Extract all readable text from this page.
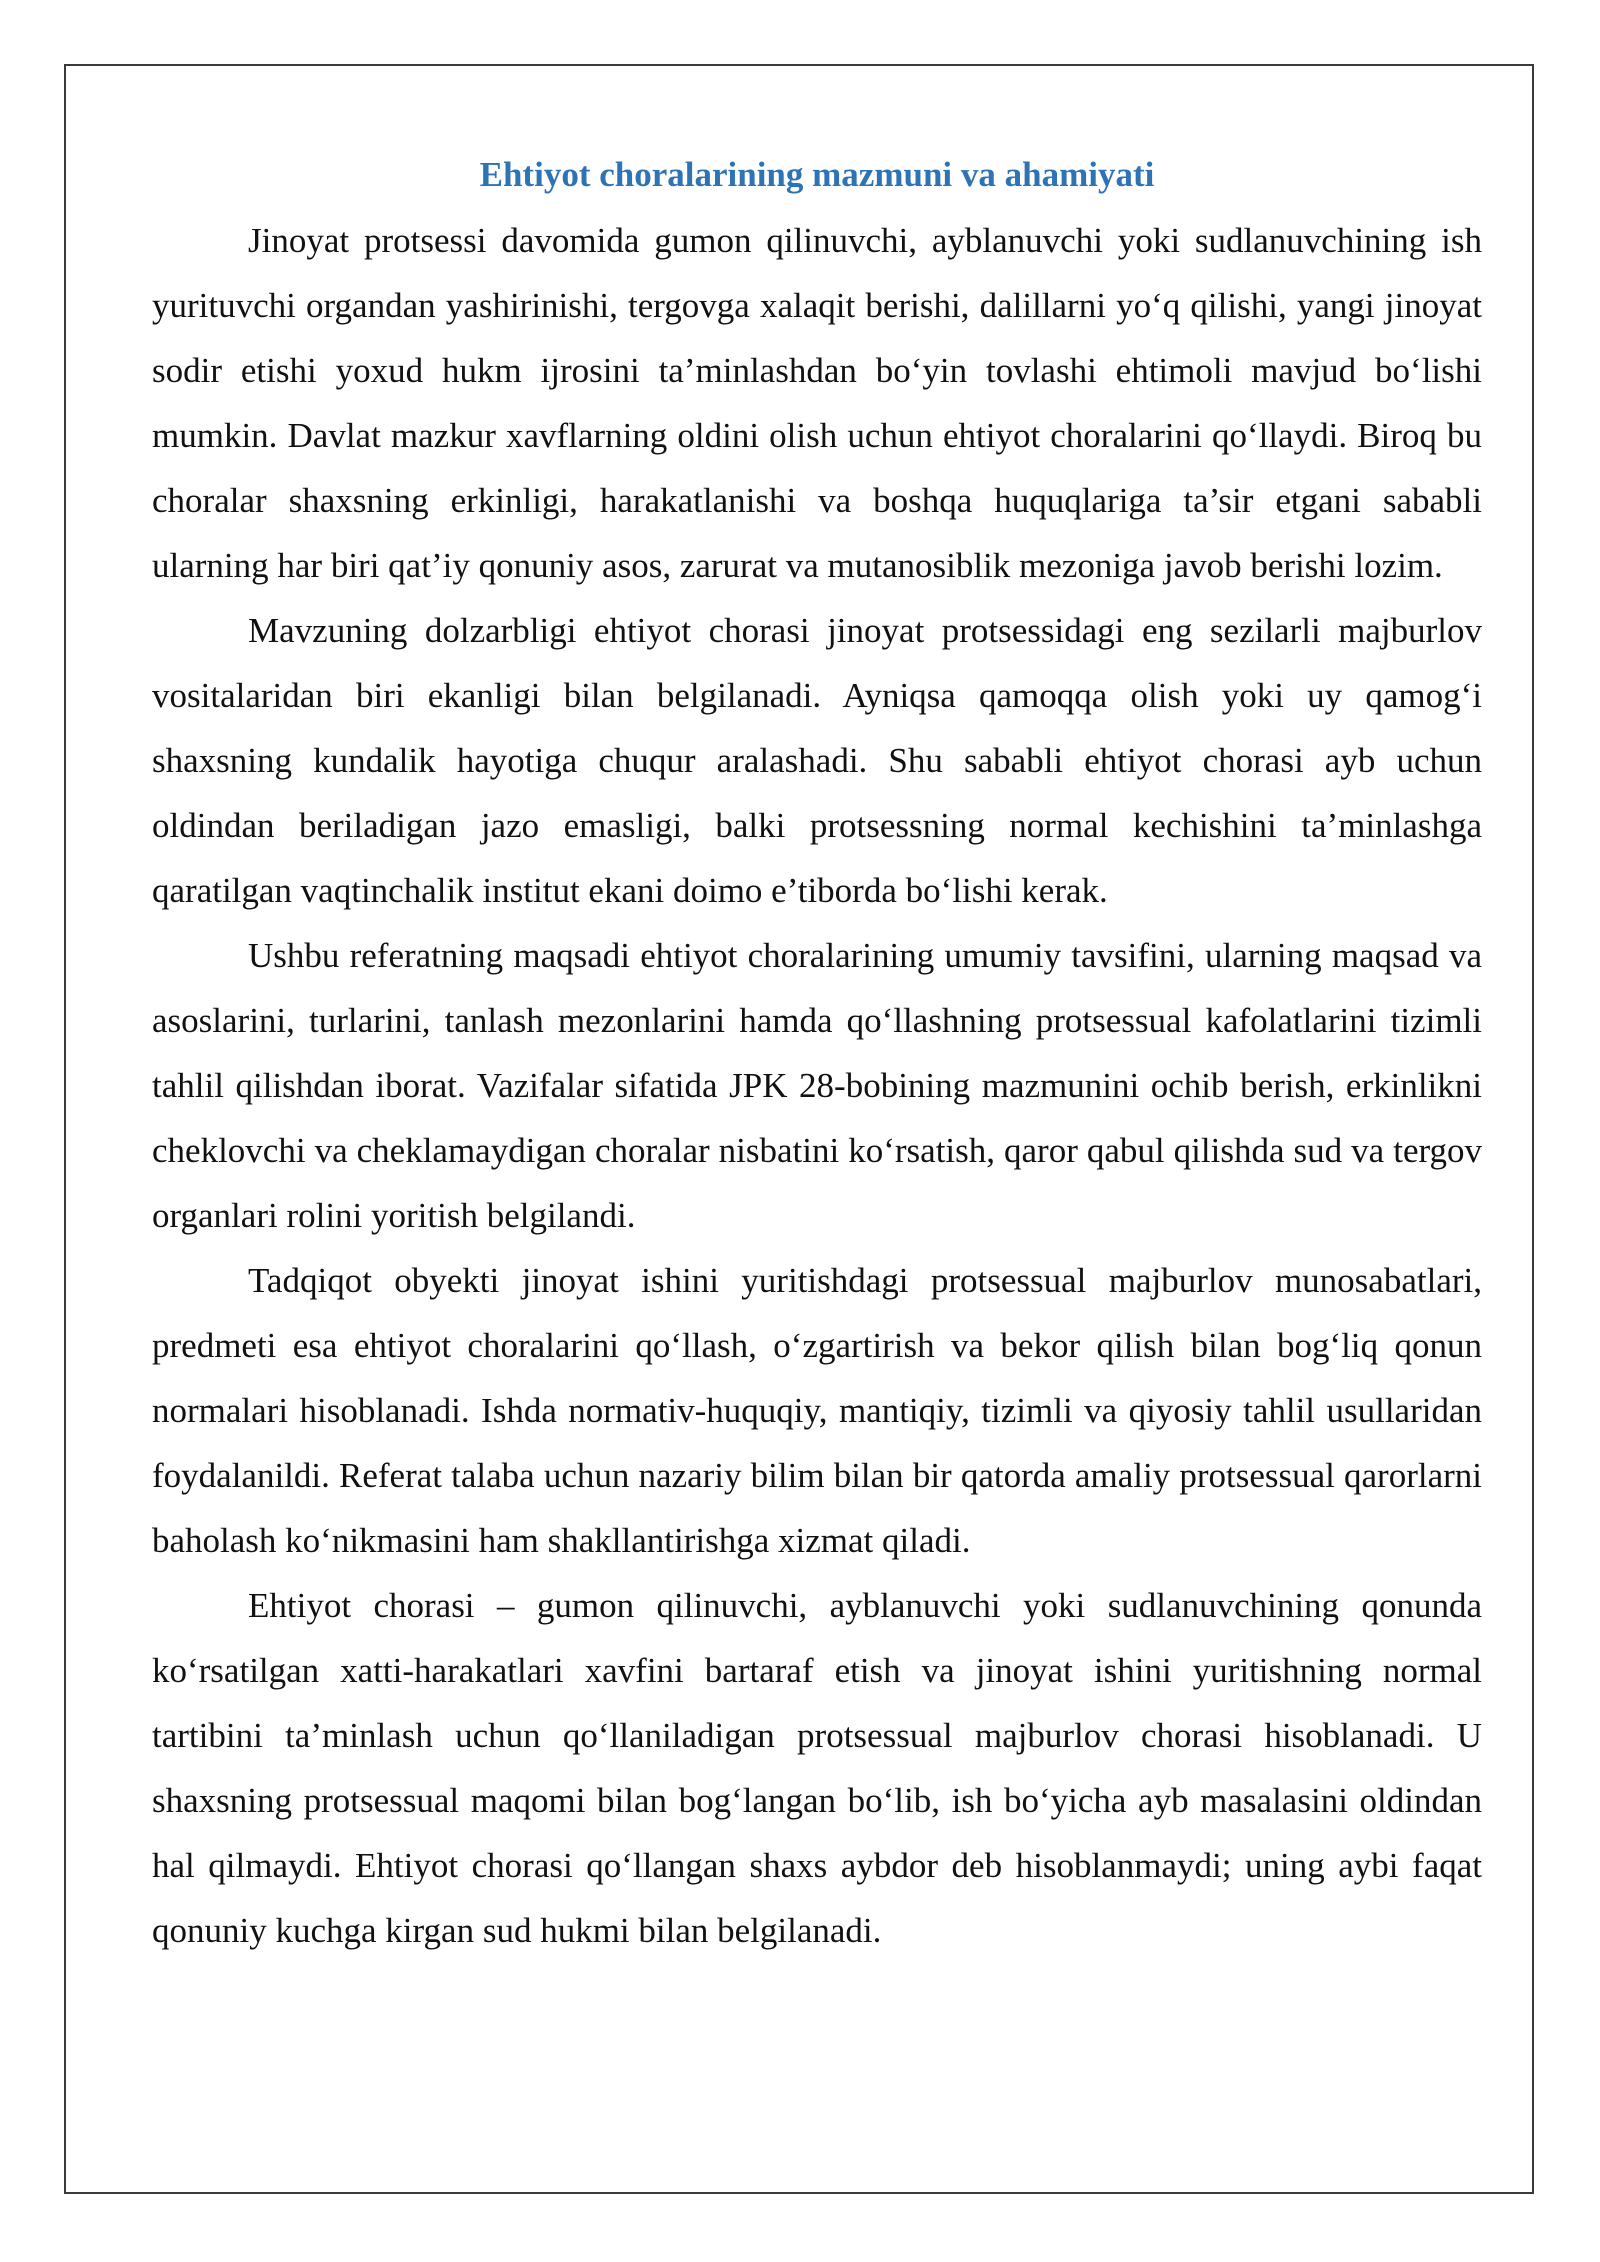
Ehtiyot choralarining mazmuni va ahamiyati

Jinoyat protsessi davomida gumon qilinuvchi, ayblanuvchi yoki sudlanuvchining ish yurituvchi organdan yashirinishi, tergovga xalaqit berishi, dalillarni yo‘q qilishi, yangi jinoyat sodir etishi yoxud hukm ijrosini ta’minlashdan bo‘yin tovlashi ehtimoli mavjud bo‘lishi mumkin. Davlat mazkur xavflarning oldini olish uchun ehtiyot choralarini qo‘llaydi. Biroq bu choralar shaxsning erkinligi, harakatlanishi va boshqa huquqlariga ta’sir etgani sababli ularning har biri qat’iy qonuniy asos, zarurat va mutanosiblik mezoniga javob berishi lozim.

Mavzuning dolzarbligi ehtiyot chorasi jinoyat protsessidagi eng sezilarli majburlov vositalaridan biri ekanligi bilan belgilanadi. Ayniqsa qamoqqa olish yoki uy qamog‘i shaxsning kundalik hayotiga chuqur aralashadi. Shu sababli ehtiyot chorasi ayb uchun oldindan beriladigan jazo emasligi, balki protsessning normal kechishini ta’minlashga qaratilgan vaqtinchalik institut ekani doimo e’tiborda bo‘lishi kerak.

Ushbu referatning maqsadi ehtiyot choralarining umumiy tavsifini, ularning maqsad va asoslarini, turlarini, tanlash mezonlarini hamda qo‘llashning protsessual kafolatlarini tizimli tahlil qilishdan iborat. Vazifalar sifatida JPK 28-bobining mazmunini ochib berish, erkinlikni cheklovchi va cheklamaydigan choralar nisbatini ko‘rsatish, qaror qabul qilishda sud va tergov organlari rolini yoritish belgilandi.

Tadqiqot obyekti jinoyat ishini yuritishdagi protsessual majburlov munosabatlari, predmeti esa ehtiyot choralarini qo‘llash, o‘zgartirish va bekor qilish bilan bog‘liq qonun normalari hisoblanadi. Ishda normativ-huquqiy, mantiqiy, tizimli va qiyosiy tahlil usullaridan foydalanildi. Referat talaba uchun nazariy bilim bilan bir qatorda amaliy protsessual qarorlarni baholash ko‘nikmasini ham shakllantirishga xizmat qiladi.

Ehtiyot chorasi – gumon qilinuvchi, ayblanuvchi yoki sudlanuvchining qonunda ko‘rsatilgan xatti-harakatlari xavfini bartaraf etish va jinoyat ishini yuritishning normal tartibini ta’minlash uchun qo‘llaniladigan protsessual majburlov chorasi hisoblanadi. U shaxsning protsessual maqomi bilan bog‘langan bo‘lib, ish bo‘yicha ayb masalasini oldindan hal qilmaydi. Ehtiyot chorasi qo‘llangan shaxs aybdor deb hisoblanmaydi; uning aybi faqat qonuniy kuchga kirgan sud hukmi bilan belgilanadi.
